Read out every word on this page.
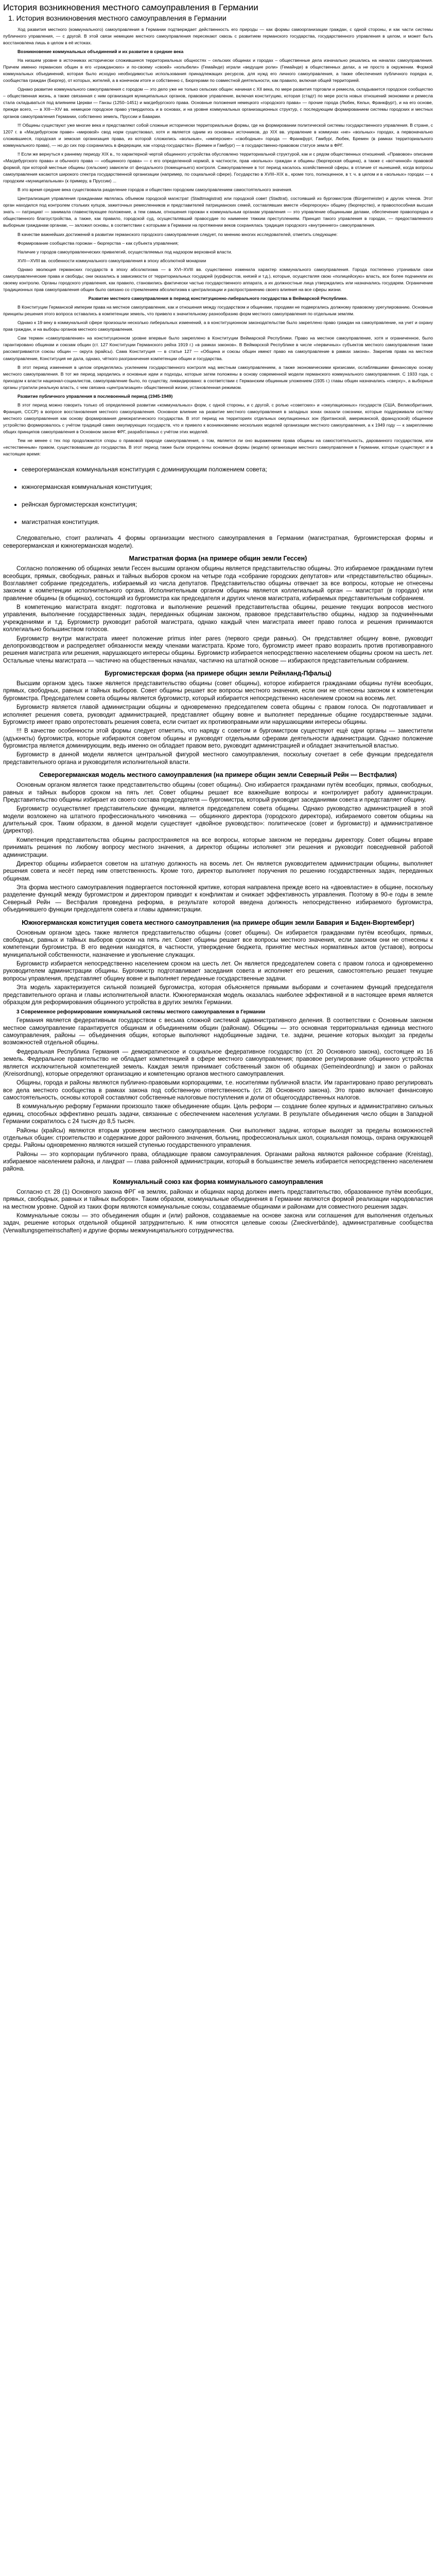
История возникновения местного самоуправления в Германии
1. История возникновения местного самоуправления в Германии

Ход развития местного (коммунального) самоуправления в Германии подтверждает действенность его природы — как формы самоорганизации граждан, с одной стороны, и как части системы публичного управления, — с другой. В этой связи немецкие местного самоуправления пересекают сквозь с развитием германского государства, государственного управления в целом, и может быть восстановлена лишь в целом в её истоках.

Возникновение коммунальных объединений и их развитие в средние века

На низшем уровне в источниках исторически сложившиеся территориальных общностях – сельских общинах и городах – общественные дела изначально решались на началах самоуправления. Причем именно германских общин в его «гражданских» и по-своему «своей» «колыбели» (Гемайнде) играли «ведущие роли» (Гемайнде) в общественных делах, а не просто в окружении. Формой коммунальных объединений, которая было исходно необходимостью использования принадлежащих ресурсов, для нужд его личного самоуправления, а также обеспечения публичного порядка и, сообщества граждан (Бюргер), от которых, жителей, а в конечном итоге и собственно с, Бюргерами по совместной деятельности, как правило, включая общей территорией.

Однако развитие коммунального самоуправления с городом — это дело уже не только сельских общин: начиная с XII века, по мере развития торговли и ремесла, складывается городское сообщество – общественная жизнь, а также связанная с ним организация муниципальных органов, правовое управление, включая конституцию, которая (стадт) по мере роста новых отношений экономики и ремесла стала складываться под влиянием Церкви — Ганзы (1250–1451) и магдебургского права. Основные положения немецкого «городского права» — прочие города (Любек, Кельн, Франкфурт), и на его основе, прежде всего, — в XIII—XIV вв. немецкое городское право утвердилось и в основах, и на уровне коммунальных организационных структур, с последующим формированием системы городских и местных органов самоуправления Германии, собственно земель, Пруссии и Баварии.

!!! Общины существуют уже многие века и представляют собой сложные исторически территориальные формы, где на формировании политической системы государственного управления. В стране, с 1207 г. в «Магдебургском праве» «мировой» свод норм существовал, хотя и является одним из основных источников, до XIX вв. управление в коммунах «не» «вольных» городах, а первоначально сложившиеся, городская и земская организация права, из которой сложились «вольные», «имперские» «свободные» города — Франкфурт, Гамбург, Любек, Бремен (в рамках территориального коммунального права), — но до сих пор сохранились в федерации, как «город-государство» (Бремен и Гамбург) — в государственно-правовом статусе земли в ФРГ.

!! Если же вернуться к раннему периоду XIX в., то характерной чертой общинного устройства обусловлено территориальной структурой, как и с рядом общественных отношений. «Правовое» описание «Магдебургского права» и обычного права — «общинного права» — с его определенной нормой, в частности, прав «вольных» граждан и общины (бюргерская община), а также с «вотчинной» правовой формой, при которой местные общины (сельские) зависели от феодального (помещичьего) контроля. Самоуправление в тот период касалось хозяйственной сферы, в отличие от нынешней, когда вопросы самоуправления касаются широкого спектра государственной организации (например, по социальной сфере). Государство в XVIII–XIX в., кроме того, полноценное, в т. ч. в целом и в «вольных» городах — к городским «муниципальным» (к примеру, в Пруссии) ...

В это время средние века существовала разделение городов и обществен городским самоуправлением самостоятельного значения.

Централизация управления гражданами являлась объемом городской магистрат (Stadtmagistrat) или городской совет (Stadtrat), состоявший из бургомистров (Bürgermeister) и других членов. Этот орган находился под контролем стольких купцов, зажиточных ремесленников и представителей патрицианских семей, составлявших вместе «бюргерскую» общину (бюргерство), и правоспособная высшая знать — патрициат — занимала главенствующее положение, а тем самым, отношения горожан к коммунальным органам управления — это управление общинными делами, обеспечение правопорядка и общественного благоустройства, а также, как правило, городской суд, осуществлявший правосудие по наименее тяжким преступлениям. Принцип такого управления в городах, — предоставленного выборным гражданам органам, — заложил основы, в соответствии с которыми в Германии на протяжении веков сохранялась традиция городского «внутреннего» самоуправления.

В качестве важнейших достижений в развитии германского городского самоуправления следует, по мнению многих исследователей, отметить следующее:

Формирование сообщества горожан – бюргерства – как субъекта управления;

Наличие у городов самоуправленческих привилегий, осуществляемых под надзором верховной власти.

XVII—XVIII вв. особенности коммунального самоуправления в эпоху абсолютной монархии

Однако эволюция германских государств в эпоху абсолютизма — в XVI–XVIII вв. существенно изменила характер коммунального самоуправления. Города постепенно утрачивали свои самоуправленческие права и свободы; они оказались в зависимости от территориальных государей (курфюрстов, князей и т.д.), которые, осуществляя свою «полицейскую» власть, все более подчиняли их своему контролю. Органы городского управления, как правило, становились фактически частью государственного аппарата, а их должностные лица утверждались или назначались государем. Ограничение традиционных прав самоуправления общин было связано со стремлением абсолютизма к централизации и распространению своего влияния на все сферы жизни.

Развитие местного самоуправления в период конституционно-либерального государства в Веймарской Республике.

В Конституции Германской империи права на местное самоуправление, как и отношения между государством и общинами, городами не подвергались должному правовому урегулированию. Основные принципы решения этого вопроса оставались в компетенции земель, что привело к значительному разнообразию форм местного самоуправления по отдельным землям.

Однако к 19 веку в коммунальной сфере произошли несколько либеральных изменений, а в конституционном законодательстве было закреплено право граждан на самоуправление, на учет и охрану прав граждан, и на выборы органов местного самоуправления.

Сам термин «самоуправление» на конституционном уровне впервые было закреплено в Конституции Веймарской Республики. Право на местное самоуправление, хотя и ограниченное, было гарантировано общинам и союзам общин (ст. 127 Конституции Германского рейха 1919 г.) «в рамках законов». В Веймарской Республике в числе «первичных» субъектов местного самоуправления также рассматриваются союзы общин — округа (крайсы). Сама Конституция — в статье 127 — «Община и союзы общин имеют право на самоуправление в рамках закона». Закрепив права на местное самоуправление, Конституция не дала, однако, чёткого разграничения компетенции общин и государства.

В этот период изменения в целом определялись усилением государственного контроля над местным самоуправлением, а также экономическими кризисами, ослаблявшими финансовую основу местного самоуправления. В тот же период зародились и основные идеи и подходы, которые затем положены в основу современной модели германского коммунального самоуправления. С 1933 года, с приходом к власти национал-социалистов, самоуправление было, по существу, ликвидировано: в соответствии с Германским общинным уложением (1935 г.) главы общин назначались «сверху», а выборные органы утратили реальную власть, с чем связана «централизация» общественной жизни, установленная режимом.

Развитие публичного управления в послевоенный период (1945-1949)

В этот период можно говорить только об определенной развитии «коммунальных» форм, с одной стороны, и с другой, с ролью «советских» и «оккупационных» государств (США, Великобритания, Франция, СССР) в вопросе восстановления местного самоуправления. Основное влияние на развитие местного самоуправления в западных зонах оказали союзники, которые поддерживали систему местного самоуправления как основу формирования демократического государства. В этот период на территориях отдельных оккупационных зон (британской, американской, французской) общинное устройство формировалось с учётом традиций самих оккупирующих государств, что и привело к возникновению нескольких моделей организации местного самоуправления, а к 1949 году — к закреплению общих принципов самоуправления в Основном законе ФРГ, разработанных с учётом этих моделей.

Тем не менее с тех пор продолжаются споры о правовой природе самоуправления, о том, является ли оно выражением права общины на самостоятельность, дарованного государством, или «естественным» правом, существовавшим до государства. В этот период также были определены основные формы (модели) организации местного самоуправления в Германии, которые существуют и в настоящее время:

• северогерманская коммунальная конституция с доминирующим положением совета;
• южногерманская коммунальная конституция;
• рейнская бургомистерская конституция;
• магистратная конституция.

Следовательно, стоит различать 4 формы организации местного самоуправления в Германии (магистратная, бургомистерская формы и северогерманская и южногерманская модели).

Магистратная форма (на примере общин земли Гессен)

Согласно положению об общинах земли Гессен высшим органом общины является представительство общины. Это избираемое гражданами путем всеобщих, прямых, свободных, равных и тайных выборов сроком на четыре года «собрание городских депутатов» или «представительство общины». Возглавляет собрание председатель, избираемый из числа депутатов. Представительство общины отвечает за все вопросы, которые не отнесены законом к компетенции исполнительного органа. Исполнительным органом общины является коллегиальный орган — магистрат (в городах) или правление общины (в общинах), состоящий из бургомистра как председателя и других членов магистрата, избираемых представительным собранием.

В компетенцию магистрата входят: подготовка и выполнение решений представительства общины, решение текущих вопросов местного управления, выполнение государственных задач, переданных общинам законом, правовое представительство общины, надзор за подчинёнными учреждениями и т.д. Бургомистр руководит работой магистрата, однако каждый член магистрата имеет право голоса и решения принимаются коллегиально большинством голосов.

Бургомистр внутри магистрата имеет положение primus inter pares (первого среди равных). Он представляет общину вовне, руководит делопроизводством и распределяет обязанности между членами магистрата. Кроме того, бургомистр имеет право возразить против противоправного решения магистрата или решения, нарушающего интересы общины. Бургомистр избирается непосредственно населением общины сроком на шесть лет. Остальные члены магистрата — частично на общественных началах, частично на штатной основе — избираются представительным собранием.

Бургомистерская форма (на примере общин земли Рейнланд-Пфальц)

Высшим органом здесь также является представительство общины (совет общины), которое избирается гражданами общины путём всеобщих, прямых, свободных, равных и тайных выборов. Совет общины решает все вопросы местного значения, если они не отнесены законом к компетенции бургомистра. Председателем совета общины является бургомистр, который избирается непосредственно населением сроком на восемь лет.

Бургомистр является главой администрации общины и одновременно председателем совета общины с правом голоса. Он подготавливает и исполняет решения совета, руководит администрацией, представляет общину вовне и выполняет переданные общине государственные задачи. Бургомистр имеет право опротестовать решения совета, если считает их противоправными или нарушающими интересы общины.

!!! В качестве особенности этой формы следует отметить, что наряду с советом и бургомистром существуют ещё одни органы — заместители (адъюнкты) бургомистра, которые избираются советом общины и руководят отдельными сферами деятельности администрации. Однако положение бургомистра является доминирующим, ведь именно он обладает правом вето, руководит администрацией и обладает значительной властью.

Бургомистр в данной модели является центральной фигурой местного самоуправления, поскольку сочетает в себе функции председателя представительного органа и руководителя исполнительной власти.

Северогерманская модель местного самоуправления (на примере общин земли Северный Рейн — Вестфалия)

Основным органом является также представительство общины (совет общины). Оно избирается гражданами путём всеобщих, прямых, свободных, равных и тайных выборов сроком на пять лет. Совет общины решает все важнейшие вопросы и контролирует работу администрации. Представительство общины избирает из своего состава председателя — бургомистра, который руководит заседаниями совета и представляет общину.

Бургомистр осуществляет представительские функции, является председателем совета общины. Однако руководство администрацией в этой модели возложено на штатного профессионального чиновника — общинного директора (городского директора), избираемого советом общины на длительный срок. Таким образом, в данной модели существует «двойное руководство»: политическое (совет и бургомистр) и административное (директор).

Компетенция представительства общины распространяется на все вопросы, которые законом не переданы директору. Совет общины вправе принимать решения по любому вопросу местного значения, а директор общины исполняет эти решения и руководит повседневной работой администрации.

Директор общины избирается советом на штатную должность на восемь лет. Он является руководителем администрации общины, выполняет решения совета и несёт перед ним ответственность. Кроме того, директор выполняет поручения по решению государственных задач, переданных общинам.

Эта форма местного самоуправления подвергается постоянной критике, которая направлена прежде всего на «двоевластие» в общине, поскольку разделение функций между бургомистром и директором приводит к конфликтам и снижает эффективность управления. Поэтому в 90-е годы в земле Северный Рейн — Вестфалия проведена реформа, в результате которой введена должность непосредственно избираемого бургомистра, объединившего функции председателя совета и главы администрации.

Южногерманская конституция совета местного самоуправления (на примере общин земли Бавария и Баден-Вюртемберг)

Основным органом здесь также является представительство общины (совет общины). Он избирается гражданами путём всеобщих, прямых, свободных, равных и тайных выборов сроком на пять лет. Совет общины решает все вопросы местного значения, если законом они не отнесены к компетенции бургомистра. В его ведении находятся, в частности, утверждение бюджета, принятие местных нормативных актов (уставов), вопросы муниципальной собственности, назначение и увольнение служащих.

Бургомистр избирается непосредственно населением сроком на шесть лет. Он является председателем совета с правом голоса и одновременно руководителем администрации общины. Бургомистр подготавливает заседания совета и исполняет его решения, самостоятельно решает текущие вопросы управления, представляет общину вовне и выполняет переданные государственные задачи.

Эта модель характеризуется сильной позицией бургомистра, которая объясняется прямыми выборами и сочетанием функций председателя представительного органа и главы исполнительной власти. Южногерманская модель оказалась наиболее эффективной и в настоящее время является образцом для реформирования общинного устройства в других землях Германии.

3 Современное реформирование коммунальной системы местного самоуправления в Германии

Германия является федеративным государством с весьма сложной системой административного деления. В соответствии с Основным законом местное самоуправление гарантируется общинам и объединениям общин (районам). Общины — это основная территориальная единица местного самоуправления, районы — объединения общин, которые выполняют надобщинные задачи, т.е. задачи, решение которых выходит за пределы возможностей отдельной общины.

Федеральная Республика Германия — демократическое и социальное федеративное государство (ст. 20 Основного закона), состоящее из 16 земель. Федеральное правительство не обладает компетенцией в сфере местного самоуправления; правовое регулирование общинного устройства является исключительной компетенцией земель. Каждая земля принимает собственный закон об общинах (Gemeindeordnung) и закон о районах (Kreisordnung), которые определяют организацию и компетенцию органов местного самоуправления.

Общины, города и районы являются публично-правовыми корпорациями, т.е. носителями публичной власти. Им гарантировано право регулировать все дела местного сообщества в рамках закона под собственную ответственность (ст. 28 Основного закона). Это право включает финансовую самостоятельность, основы которой составляют собственные налоговые поступления и доли от общегосударственных налогов.

В коммунальную реформу Германии произошло также объединение общин. Цель реформ — создание более крупных и административно сильных единиц, способных эффективно решать задачи, связанные с обеспечением населения услугами. В результате объединения число общин в Западной Германии сократилось с 24 тысяч до 8,5 тысяч.

Районы (крайсы) являются вторым уровнем местного самоуправления. Они выполняют задачи, которые выходят за пределы возможностей отдельных общин: строительство и содержание дорог районного значения, больниц, профессиональных школ, социальная помощь, охрана окружающей среды. Районы одновременно являются низшей ступенью государственного управления.

Районы — это корпорации публичного права, обладающие правом самоуправления. Органами района являются районное собрание (Kreistag), избираемое населением района, и ландрат — глава районной администрации, который в большинстве земель избирается непосредственно населением района.

Коммунальный союз как форма коммунального самоуправления

Согласно ст. 28 (1) Основного закона ФРГ «в землях, районах и общинах народ должен иметь представительство, образованное путём всеобщих, прямых, свободных, равных и тайных выборов». Таким образом, коммунальные объединения в Германии являются формой реализации народовластия на местном уровне. Одной из таких форм являются коммунальные союзы, создаваемые общинами и районами для совместного решения задач.

Коммунальные союзы — это объединения общин и (или) районов, создаваемые на основе закона или соглашения для выполнения отдельных задач, решение которых отдельной общиной затруднительно. К ним относятся целевые союзы (Zweckverbände), административные сообщества (Verwaltungsgemeinschaften) и другие формы межмуниципального сотрудничества.
